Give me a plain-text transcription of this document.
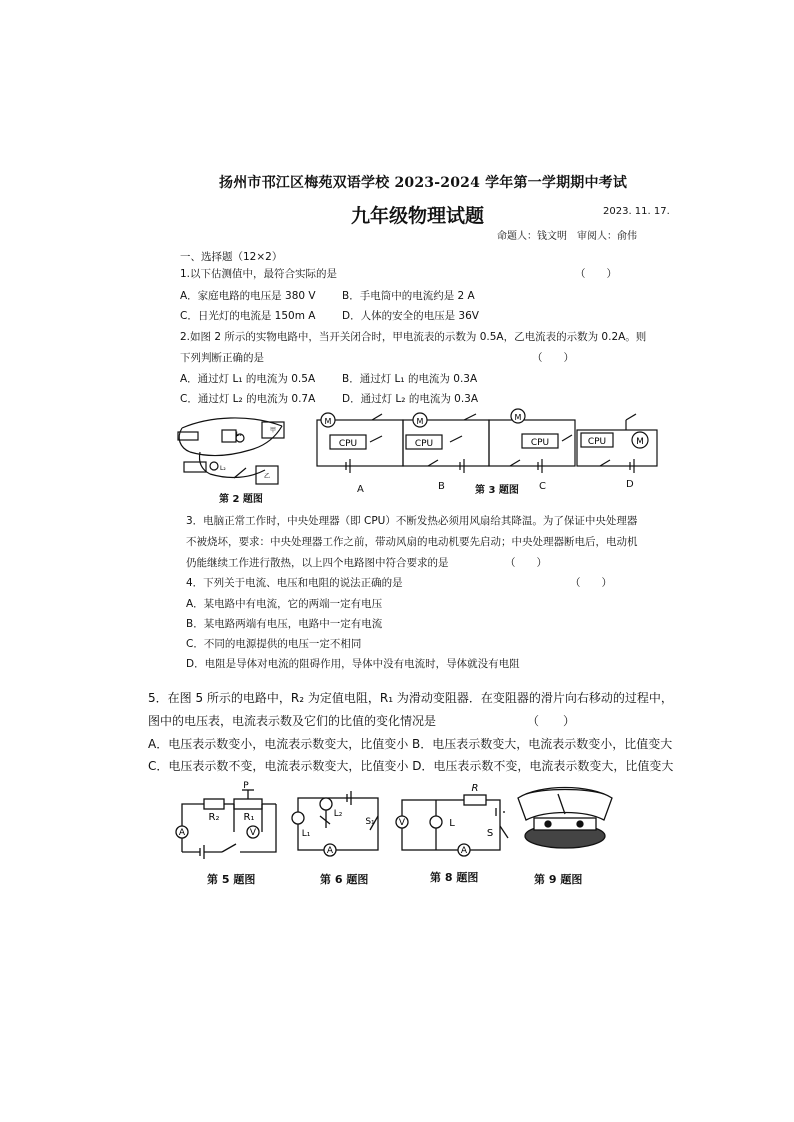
扬州市邗江区梅苑双语学校 2023-2024 学年第一学期期中考试
九年级物理试题	2023. 11. 17.
命题人：钱文明　审阅人：俞伟
一、选择题（12×2）
1.以下估测值中，最符合实际的是	（　　）
A．家庭电路的电压是 380 V	B．手电筒中的电流约是 2 A
C．日光灯的电流是 150m A	D．人体的安全的电压是 36V
2.如图 2 所示的实物电路中，当开关闭合时，甲电流表的示数为 0.5A，乙电流表的示数为 0.2A。则
下列判断正确的是	（　　）
A．通过灯 L₁ 的电流为 0.5A	B．通过灯 L₁ 的电流为 0.3A
C．通过灯 L₂ 的电流为 0.7A	D．通过灯 L₂ 的电流为 0.3A
M	M	M
M
CPU	CPU	CPU	CPU
甲
乙
L₁
L₂
A	B	C	D
第 2 题图
第 3 题图
3．电脑正常工作时，中央处理器（即 CPU）不断发热必须用风扇给其降温。为了保证中央处理器
不被烧坏，要求：中央处理器工作之前，带动风扇的电动机要先启动；中央处理器断电后，电动机
仍能继续工作进行散热，以上四个电路图中符合要求的是	（　　）
4．下列关于电流、电压和电阻的说法正确的是	（　　）
A．某电路中有电流，它的两端一定有电压
B．某电路两端有电压，电路中一定有电流
C．不同的电源提供的电压一定不相同
D．电阻是导体对电流的阻碍作用，导体中没有电流时，导体就没有电阻
5．在图 5 所示的电路中，R₂ 为定值电阻，R₁ 为滑动变阻器．在变阻器的滑片向右移动的过程中，
图中的电压表，电流表示数及它们的比值的变化情况是	（　　）
A．电压表示数变小，电流表示数变大，比值变小 B．电压表示数变大，电流表示数变小，比值变大
C．电压表示数不变，电流表示数变大，比值变小 D．电压表示数不变，电流表示数变大，比值变大
A	V
R₂ R₁
P
A
L₁
L₂
S₁	V	L
R
S
A
第 5 题图	第 6 题图	第 8 题图	第 9 题图
